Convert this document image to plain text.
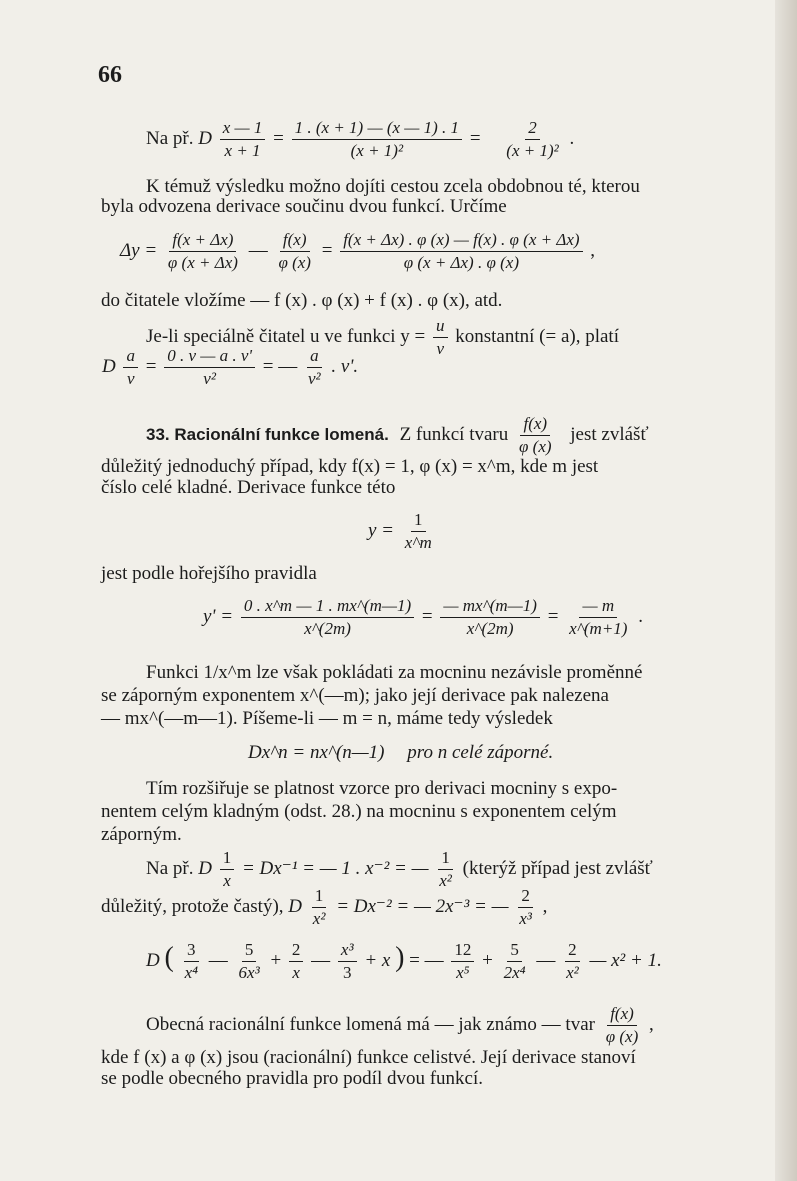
66
Na př. D $\frac{x — 1}{x + 1} = \frac{1 . (x + 1) — (x — 1) . 1}{\text{(x + 1)²}} = \frac{2}{\text{(x + 1)²}}$ .
K témuž výsledku možno dojíti cestou zcela obdobnou té, kterou
byla odvozena derivace součinu dvou funkcí. Určíme
$\Delta y = \frac{f(x + \Delta x)}{\varphi (x + \Delta x)}$ — $\frac{f(x)}{\varphi (x)} = \frac{f(x + \Delta x) . \varphi (x) — f(x) . \varphi (x + \Delta x)}{\varphi (x + \Delta x) . \varphi (x)}$ ,
do čitatele vložíme — f (x) . φ (x) + f (x) . φ (x), atd.
Je-li speciálně čitatel u ve funkci $y = \frac{u}{v}$ konstantní (= a), platí
D $\frac{a}{v} = \frac{0 . v — a . v'}{\text{v²}}$ = — $\frac{a}{\text{v²}}$ . v'.
33. Racionální funkce lomená. Z funkcí tvaru $\frac{f(x)}{\varphi (x)}$ jest zvlášť
důležitý jednoduchý případ, kdy f(x) = 1, φ (x) = x^m, kde m jest
číslo celé kladné. Derivace funkce této
$y = \frac{1}{x\^{}m}$
jest podle hořejšího pravidla
$y' = \frac{0 . x\^{}m — 1 . mx\^{}(m—1)}{x\^{}(2m)} = \frac{— mx\^{}(m—1)}{x\^{}(2m)} = \frac{— m}{x\^{}(m+1)}$ .
Funkci 1/x^m lze však pokládati za mocninu nezávisle proměnné
se záporným exponentem x^(—m); jako její derivace pak nalezena
— mx^(—m—1). Píšeme-li — m = n, máme tedy výsledek
Dx^n = nx^(n—1) pro n celé záporné.
Tím rozšiřuje se platnost vzorce pro derivaci mocniny s expo-
nentem celým kladným (odst. 28.) na mocninu s exponentem celým
záporným.
Na př. D $\frac{1}{x} = Dx^{-1}$ = — 1 . x⁻² = — $\frac{1}{\text{x²}}$ (kterýž případ jest zvlášť
důležitý, protože častý), D $\frac{1}{\text{x²}} = Dx^{-2}$ = — 2x⁻³ = — $\frac{2}{\text{x³}}$ ,
D ( $\frac{3}{\text{x⁴}}$ — $\frac{5}{\text{6x³}} + \frac{2}{x}$ — $\frac{\text{x³}}{3} + x$ ) = — $\frac{12}{\text{x⁵}} + \frac{5}{\text{2x⁴}}$ — $\frac{2}{\text{x²}}$ — x² + 1.
Obecná racionální funkce lomená má — jak známo — tvar $\frac{f(x)}{\varphi (x)}$ ,
kde f (x) a φ (x) jsou (racionální) funkce celistvé. Její derivace stanoví
se podle obecného pravidla pro podíl dvou funkcí.
